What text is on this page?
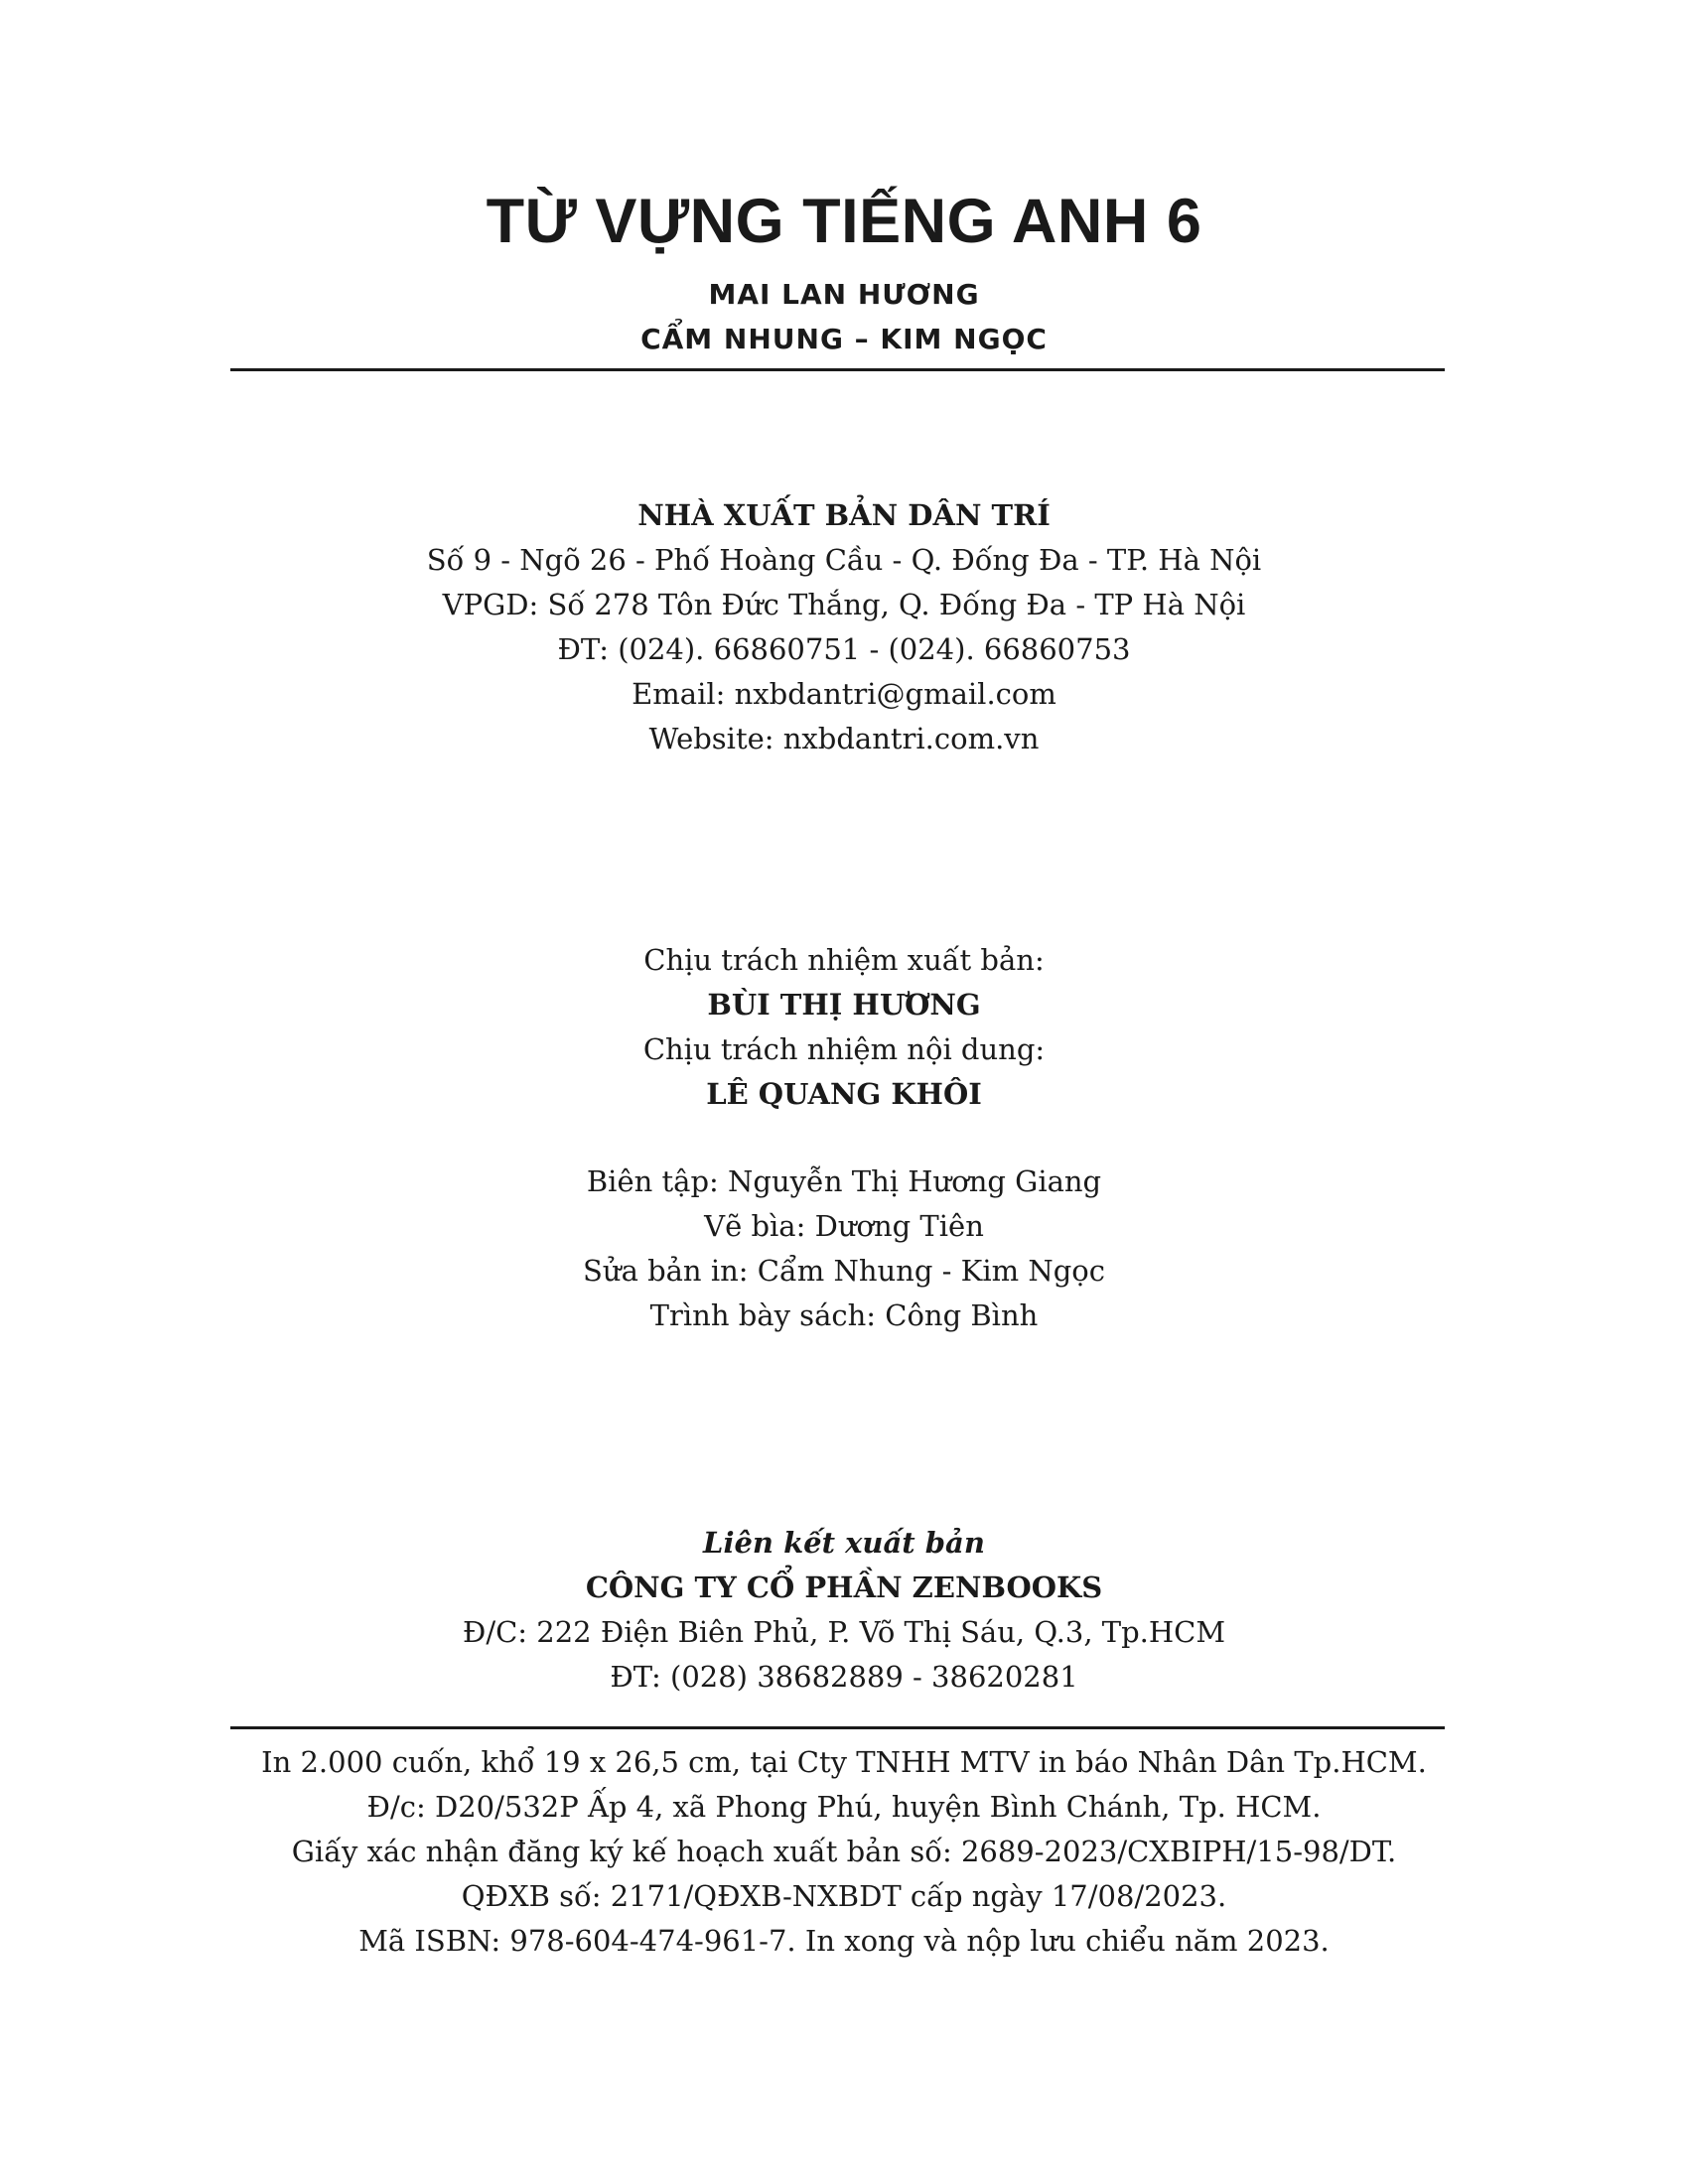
TỪ VỰNG TIẾNG ANH 6
MAI LAN HƯƠNG
CẨM NHUNG – KIM NGỌC
NHÀ XUẤT BẢN DÂN TRÍ
Số 9 - Ngõ 26 - Phố Hoàng Cầu - Q. Đống Đa - TP. Hà Nội
VPGD: Số 278 Tôn Đức Thắng, Q. Đống Đa - TP Hà Nội
ĐT: (024). 66860751 - (024). 66860753
Email: nxbdantri@gmail.com
Website: nxbdantri.com.vn
Chịu trách nhiệm xuất bản:
BÙI THỊ HƯƠNG
Chịu trách nhiệm nội dung:
LÊ QUANG KHÔI
Biên tập: Nguyễn Thị Hương Giang
Vẽ bìa: Dương Tiên
Sửa bản in: Cẩm Nhung - Kim Ngọc
Trình bày sách: Công Bình
Liên kết xuất bản
CÔNG TY CỔ PHẦN ZENBOOKS
Đ/C: 222 Điện Biên Phủ, P. Võ Thị Sáu, Q.3, Tp.HCM
ĐT: (028) 38682889 - 38620281
In 2.000 cuốn, khổ 19 x 26,5 cm, tại Cty TNHH MTV in báo Nhân Dân Tp.HCM.
Đ/c: D20/532P Ấp 4, xã Phong Phú, huyện Bình Chánh, Tp. HCM.
Giấy xác nhận đăng ký kế hoạch xuất bản số: 2689-2023/CXBIPH/15-98/DT.
QĐXB số: 2171/QĐXB-NXBDT cấp ngày 17/08/2023.
Mã ISBN: 978-604-474-961-7. In xong và nộp lưu chiểu năm 2023.
